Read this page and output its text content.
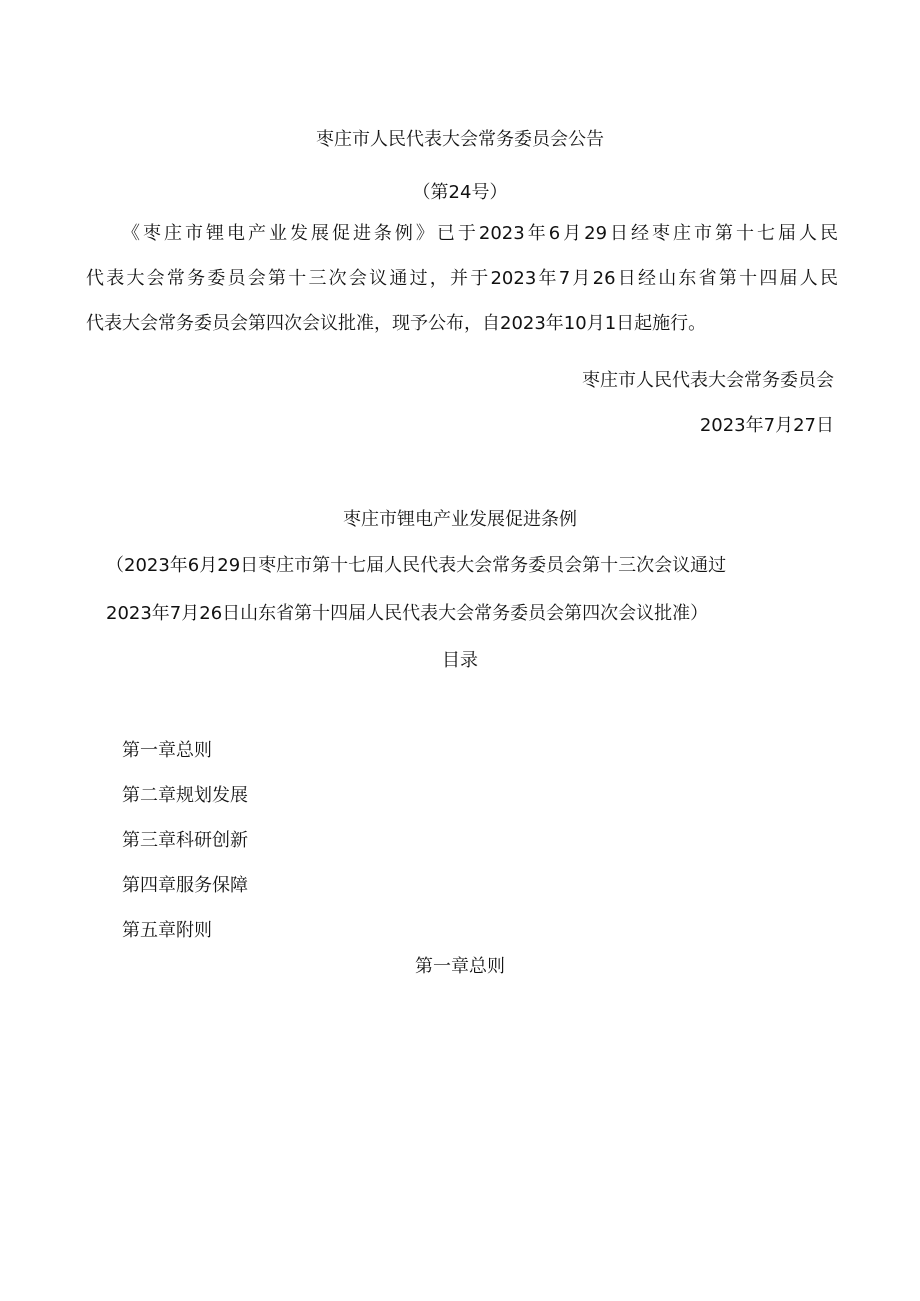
枣庄市人民代表大会常务委员会公告
（第24号）
《枣庄市锂电产业发展促进条例》已于2023年6月29日经枣庄市第十七届人民
代表大会常务委员会第十三次会议通过，并于2023年7月26日经山东省第十四届人民
代表大会常务委员会第四次会议批准，现予公布，自2023年10月1日起施行。
枣庄市人民代表大会常务委员会
2023年7月27日
枣庄市锂电产业发展促进条例
（2023年6月29日枣庄市第十七届人民代表大会常务委员会第十三次会议通过
2023年7月26日山东省第十四届人民代表大会常务委员会第四次会议批准）
目录
第一章总则
第二章规划发展
第三章科研创新
第四章服务保障
第五章附则
第一章总则
